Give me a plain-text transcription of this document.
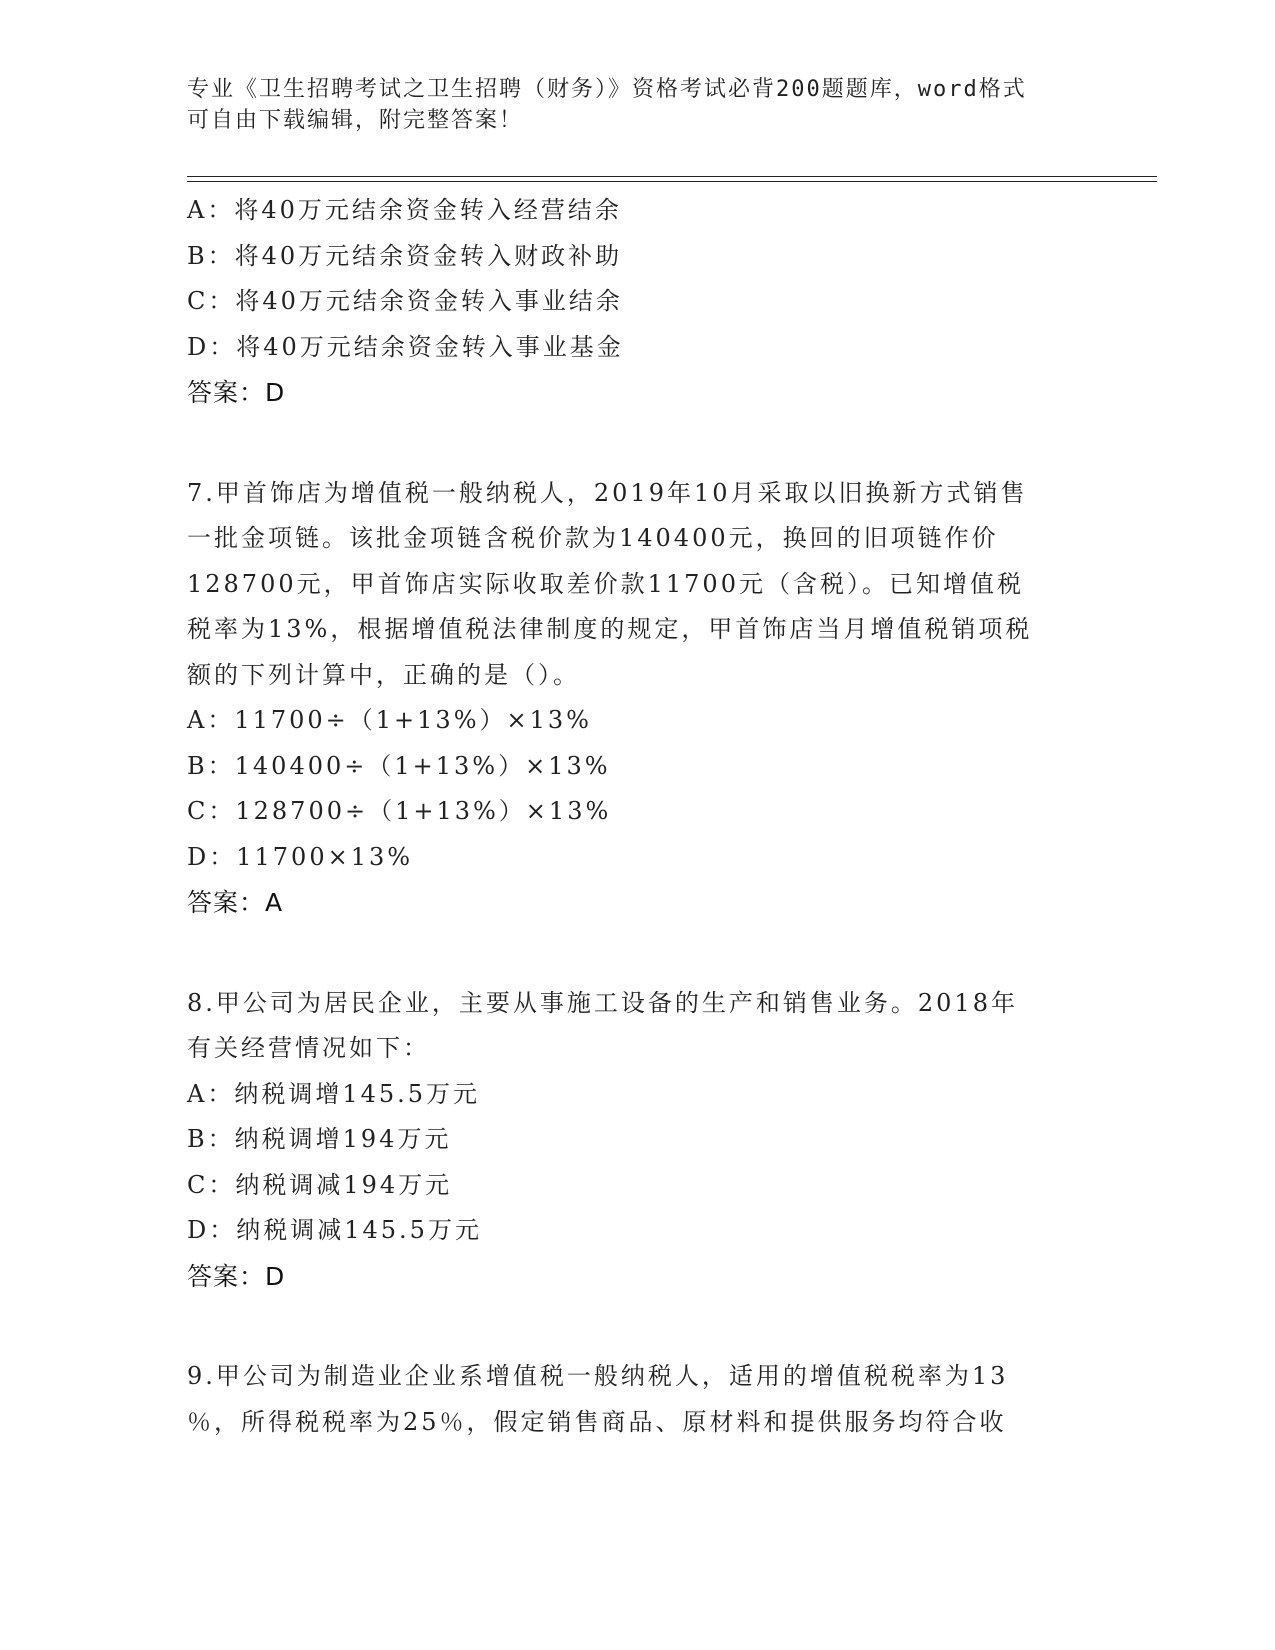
专业《卫生招聘考试之卫生招聘（财务）》资格考试必背200题题库，word格式
可自由下载编辑，附完整答案！
A：将40万元结余资金转入经营结余
B：将40万元结余资金转入财政补助
C：将40万元结余资金转入事业结余
D：将40万元结余资金转入事业基金
答案：D
7.甲首饰店为增值税一般纳税人，2019年10月采取以旧换新方式销售
一批金项链。该批金项链含税价款为140400元，换回的旧项链作价
128700元，甲首饰店实际收取差价款11700元（含税）。已知增值税
税率为13%，根据增值税法律制度的规定，甲首饰店当月增值税销项税
额的下列计算中，正确的是（）。
A：11700÷（1+13%）×13%
B：140400÷（1+13%）×13%
C：128700÷（1+13%）×13%
D：11700×13%
答案：A
8.甲公司为居民企业，主要从事施工设备的生产和销售业务。2018年
有关经营情况如下：
A：纳税调增145.5万元
B：纳税调增194万元
C：纳税调减194万元
D：纳税调减145.5万元
答案：D
9.甲公司为制造业企业系增值税一般纳税人，适用的增值税税率为13
％，所得税税率为25％，假定销售商品、原材料和提供服务均符合收
